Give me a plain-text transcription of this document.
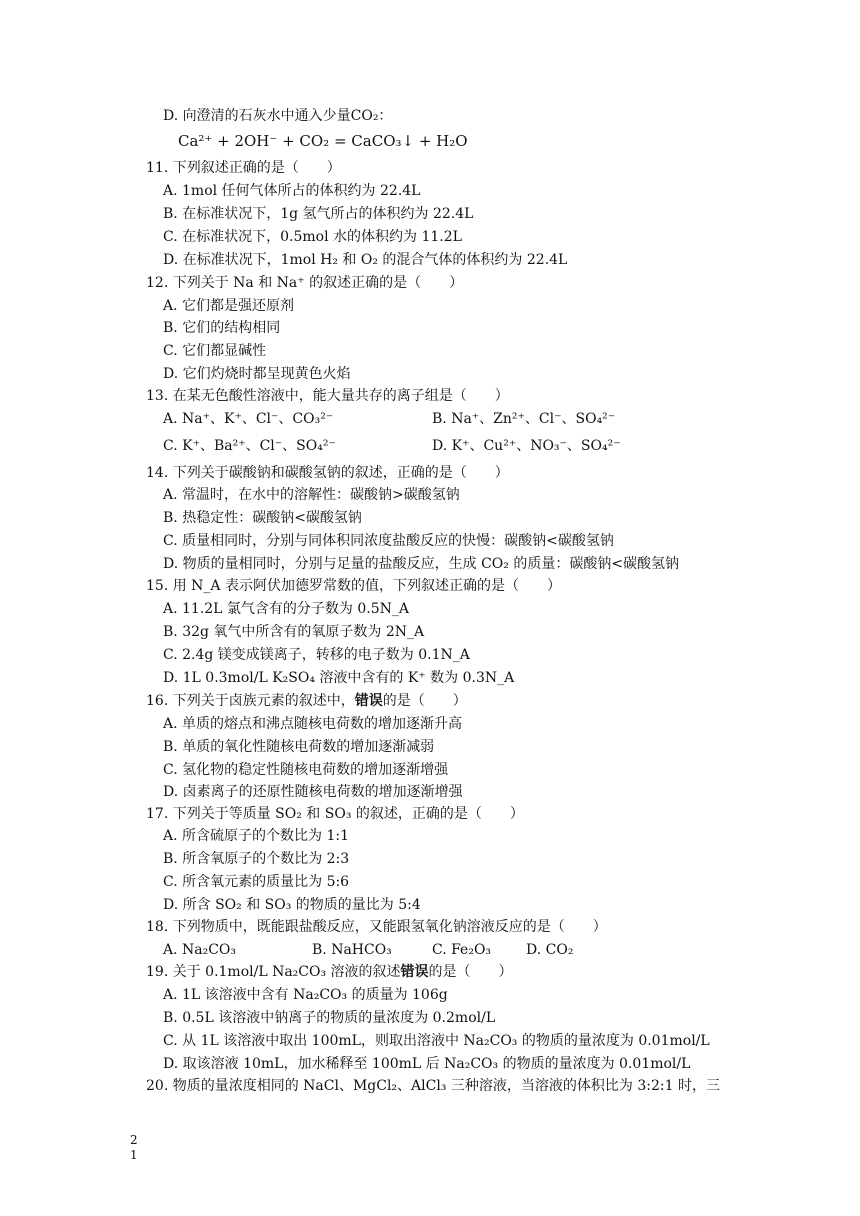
D. 向澄清的石灰水中通入少量CO₂：
Ca²⁺ + 2OH⁻ + CO₂ = CaCO₃↓ + H₂O
11. 下列叙述正确的是（　　）
A. 1mol 任何气体所占的体积约为 22.4L
B. 在标准状况下，1g 氢气所占的体积约为 22.4L
C. 在标准状况下，0.5mol 水的体积约为 11.2L
D. 在标准状况下，1mol H₂ 和 O₂ 的混合气体的体积约为 22.4L
12. 下列关于 Na 和 Na⁺ 的叙述正确的是（　　）
A. 它们都是强还原剂
B. 它们的结构相同
C. 它们都显碱性
D. 它们灼烧时都呈现黄色火焰
13. 在某无色酸性溶液中，能大量共存的离子组是（　　）
A. Na⁺、K⁺、Cl⁻、CO₃²⁻	B. Na⁺、Zn²⁺、Cl⁻、SO₄²⁻
C. K⁺、Ba²⁺、Cl⁻、SO₄²⁻	D. K⁺、Cu²⁺、NO₃⁻、SO₄²⁻
14. 下列关于碳酸钠和碳酸氢钠的叙述，正确的是（　　）
A. 常温时，在水中的溶解性：碳酸钠>碳酸氢钠
B. 热稳定性：碳酸钠<碳酸氢钠
C. 质量相同时，分别与同体积同浓度盐酸反应的快慢：碳酸钠<碳酸氢钠
D. 物质的量相同时，分别与足量的盐酸反应，生成 CO₂ 的质量：碳酸钠<碳酸氢钠
15. 用 N_A 表示阿伏加德罗常数的值，下列叙述正确的是（　　）
A. 11.2L 氯气含有的分子数为 0.5N_A
B. 32g 氧气中所含有的氧原子数为 2N_A
C. 2.4g 镁变成镁离子，转移的电子数为 0.1N_A
D. 1L 0.3mol/L K₂SO₄ 溶液中含有的 K⁺ 数为 0.3N_A
16. 下列关于卤族元素的叙述中，错误的是（　　）
A. 单质的熔点和沸点随核电荷数的增加逐渐升高
B. 单质的氧化性随核电荷数的增加逐渐减弱
C. 氢化物的稳定性随核电荷数的增加逐渐增强
D. 卤素离子的还原性随核电荷数的增加逐渐增强
17. 下列关于等质量 SO₂ 和 SO₃ 的叙述，正确的是（　　）
A. 所含硫原子的个数比为 1:1
B. 所含氧原子的个数比为 2:3
C. 所含氧元素的质量比为 5:6
D. 所含 SO₂ 和 SO₃ 的物质的量比为 5:4
18. 下列物质中，既能跟盐酸反应，又能跟氢氧化钠溶液反应的是（　　）
A. Na₂CO₃	B. NaHCO₃	C. Fe₂O₃ D. CO₂
19. 关于 0.1mol/L Na₂CO₃ 溶液的叙述错误的是（　　）
A. 1L 该溶液中含有 Na₂CO₃ 的质量为 106g
B. 0.5L 该溶液中钠离子的物质的量浓度为 0.2mol/L
C. 从 1L 该溶液中取出 100mL，则取出溶液中 Na₂CO₃ 的物质的量浓度为 0.01mol/L
D. 取该溶液 10mL，加水稀释至 100mL 后 Na₂CO₃ 的物质的量浓度为 0.01mol/L
20. 物质的量浓度相同的 NaCl、MgCl₂、AlCl₃ 三种溶液，当溶液的体积比为 3:2:1 时，三
2
1
